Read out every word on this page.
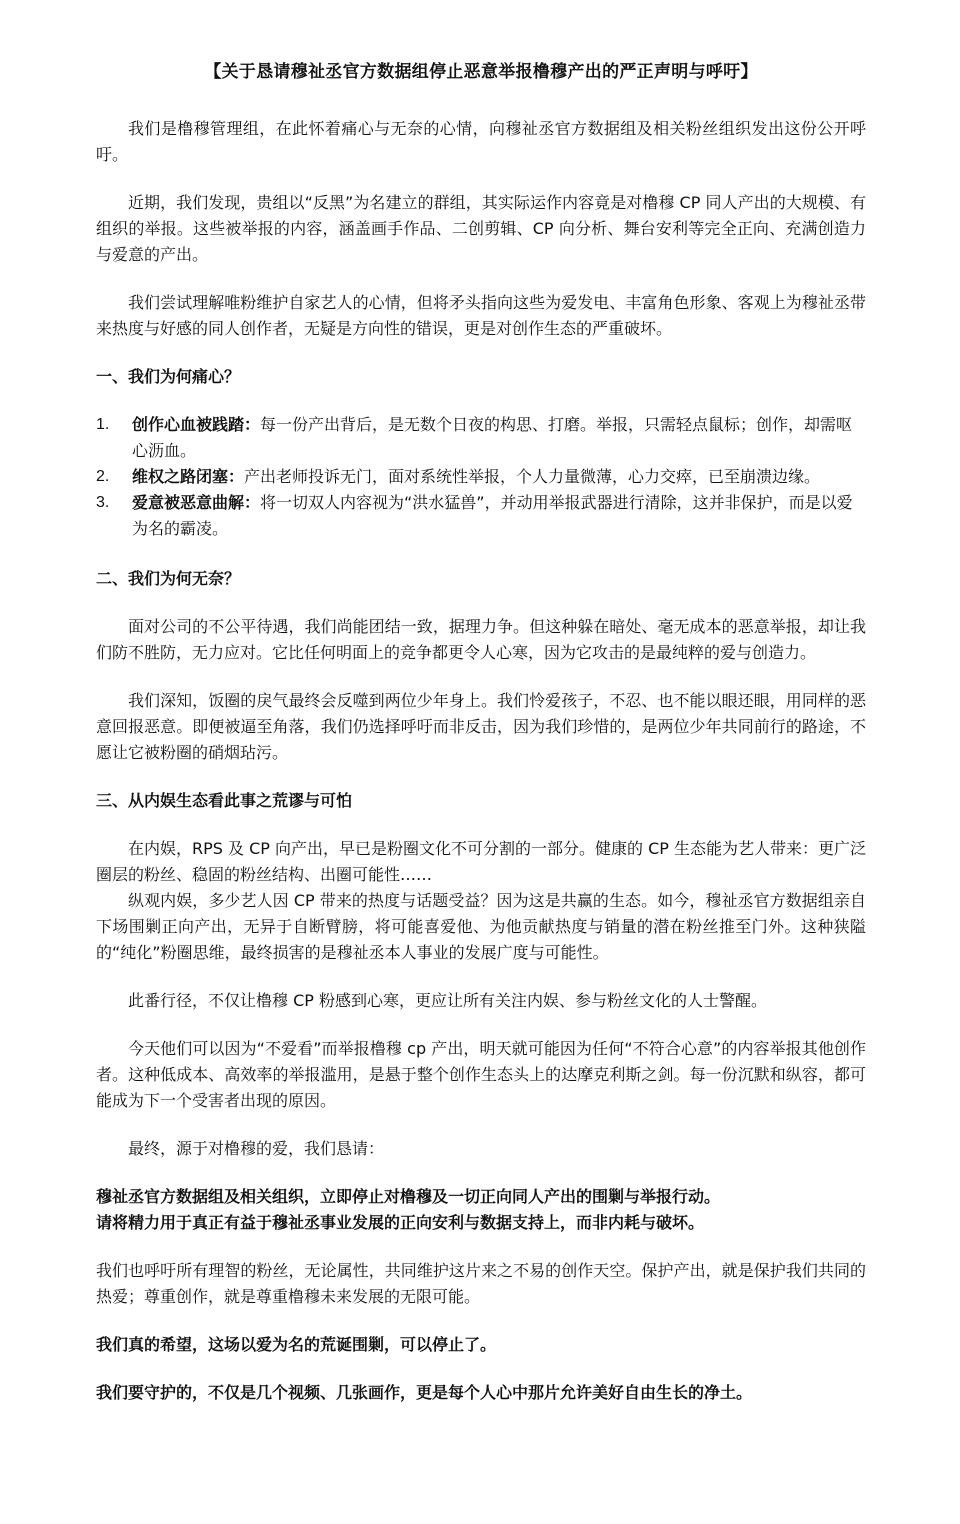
【关于恳请穆祉丞官方数据组停止恶意举报橹穆产出的严正声明与呼吁】

我们是橹穆管理组，在此怀着痛心与无奈的心情，向穆祉丞官方数据组及相关粉丝组织发出这份公开呼吁。

近期，我们发现，贵组以“反黑”为名建立的群组，其实际运作内容竟是对橹穆 CP 同人产出的大规模、有组织的举报。这些被举报的内容，涵盖画手作品、二创剪辑、CP 向分析、舞台安利等完全正向、充满创造力与爱意的产出。

我们尝试理解唯粉维护自家艺人的心情，但将矛头指向这些为爱发电、丰富角色形象、客观上为穆祉丞带来热度与好感的同人创作者，无疑是方向性的错误，更是对创作生态的严重破坏。

一、我们为何痛心？
1. 创作心血被践踏：每一份产出背后，是无数个日夜的构思、打磨。举报，只需轻点鼠标；创作，却需呕心沥血。
2. 维权之路闭塞：产出老师投诉无门，面对系统性举报，个人力量微薄，心力交瘁，已至崩溃边缘。
3. 爱意被恶意曲解：将一切双人内容视为“洪水猛兽”，并动用举报武器进行清除，这并非保护，而是以爱为名的霸凌。
二、我们为何无奈？

面对公司的不公平待遇，我们尚能团结一致，据理力争。但这种躲在暗处、毫无成本的恶意举报，却让我们防不胜防，无力应对。它比任何明面上的竞争都更令人心寒，因为它攻击的是最纯粹的爱与创造力。

我们深知，饭圈的戾气最终会反噬到两位少年身上。我们怜爱孩子，不忍、也不能以眼还眼，用同样的恶意回报恶意。即便被逼至角落，我们仍选择呼吁而非反击，因为我们珍惜的，是两位少年共同前行的路途，不愿让它被粉圈的硝烟玷污。

三、从内娱生态看此事之荒谬与可怕

在内娱，RPS 及 CP 向产出，早已是粉圈文化不可分割的一部分。健康的 CP 生态能为艺人带来：更广泛圈层的粉丝、稳固的粉丝结构、出圈可能性……

纵观内娱，多少艺人因 CP 带来的热度与话题受益？因为这是共赢的生态。如今，穆祉丞官方数据组亲自下场围剿正向产出，无异于自断臂膀，将可能喜爱他、为他贡献热度与销量的潜在粉丝推至门外。这种狭隘的“纯化”粉圈思维，最终损害的是穆祉丞本人事业的发展广度与可能性。

此番行径，不仅让橹穆 CP 粉感到心寒，更应让所有关注内娱、参与粉丝文化的人士警醒。

今天他们可以因为“不爱看”而举报橹穆 cp 产出，明天就可能因为任何“不符合心意”的内容举报其他创作者。这种低成本、高效率的举报滥用，是悬于整个创作生态头上的达摩克利斯之剑。每一份沉默和纵容，都可能成为下一个受害者出现的原因。

最终，源于对橹穆的爱，我们恳请：

穆祉丞官方数据组及相关组织，立即停止对橹穆及一切正向同人产出的围剿与举报行动。

请将精力用于真正有益于穆祉丞事业发展的正向安利与数据支持上，而非内耗与破坏。

我们也呼吁所有理智的粉丝，无论属性，共同维护这片来之不易的创作天空。保护产出，就是保护我们共同的热爱；尊重创作，就是尊重橹穆未来发展的无限可能。

我们真的希望，这场以爱为名的荒诞围剿，可以停止了。

我们要守护的，不仅是几个视频、几张画作，更是每个人心中那片允许美好自由生长的净土。
